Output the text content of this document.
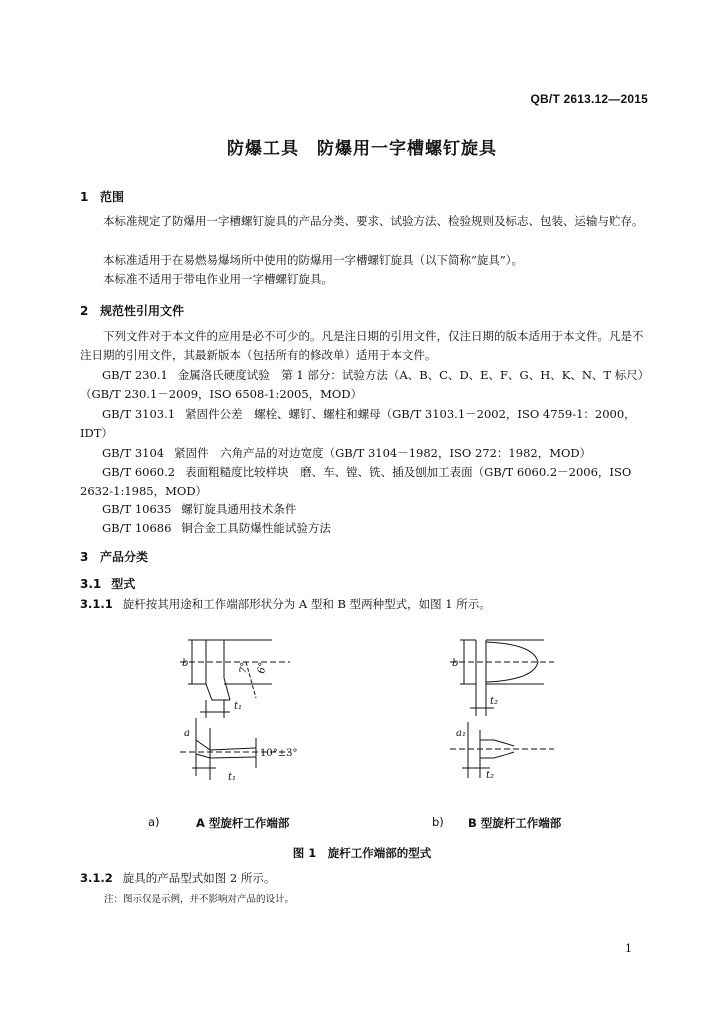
QB/T 2613.12—2015
防爆工具　防爆用一字槽螺钉旋具
1 范围
本标准规定了防爆用一字槽螺钉旋具的产品分类、要求、试验方法、检验规则及标志、包装、运输与贮存。
本标准适用于在易燃易爆场所中使用的防爆用一字槽螺钉旋具（以下简称“旋具”）。
本标准不适用于带电作业用一字槽螺钉旋具。
2 规范性引用文件
下列文件对于本文件的应用是必不可少的。凡是注日期的引用文件，仅注日期的版本适用于本文件。凡是不注日期的引用文件，其最新版本（包括所有的修改单）适用于本文件。
GB/T 230.1 金属洛氏硬度试验　第 1 部分：试验方法（A、B、C、D、E、F、G、H、K、N、T 标尺）（GB/T 230.1－2009，ISO 6508-1:2005，MOD）
GB/T 3103.1 紧固件公差　螺栓、螺钉、螺柱和螺母（GB/T 3103.1－2002，ISO 4759-1：2000，IDT）
GB/T 3104 紧固件　六角产品的对边宽度（GB/T 3104－1982，ISO 272：1982，MOD）
GB/T 6060.2 表面粗糙度比较样块　磨、车、镗、铣、插及刨加工表面（GB/T 6060.2－2006，ISO 2632-1:1985，MOD）
GB/T 10635 螺钉旋具通用技术条件
GB/T 10686 铜合金工具防爆性能试验方法
3 产品分类
3.1 型式
3.1.1 旋杆按其用途和工作端部形状分为 A 型和 B 型两种型式，如图 1 所示。
b
t₁
7° 6°
a
t₁
10°±3°
b
t₂
a₁
t₂
a)	A 型旋杆工作端部	b) B 型旋杆工作端部
图 1　 旋杆工作端部的型式
3.1.2 旋具的产品型式如图 2 所示。
注：图示仅是示例，并不影响对产品的设计。
1
